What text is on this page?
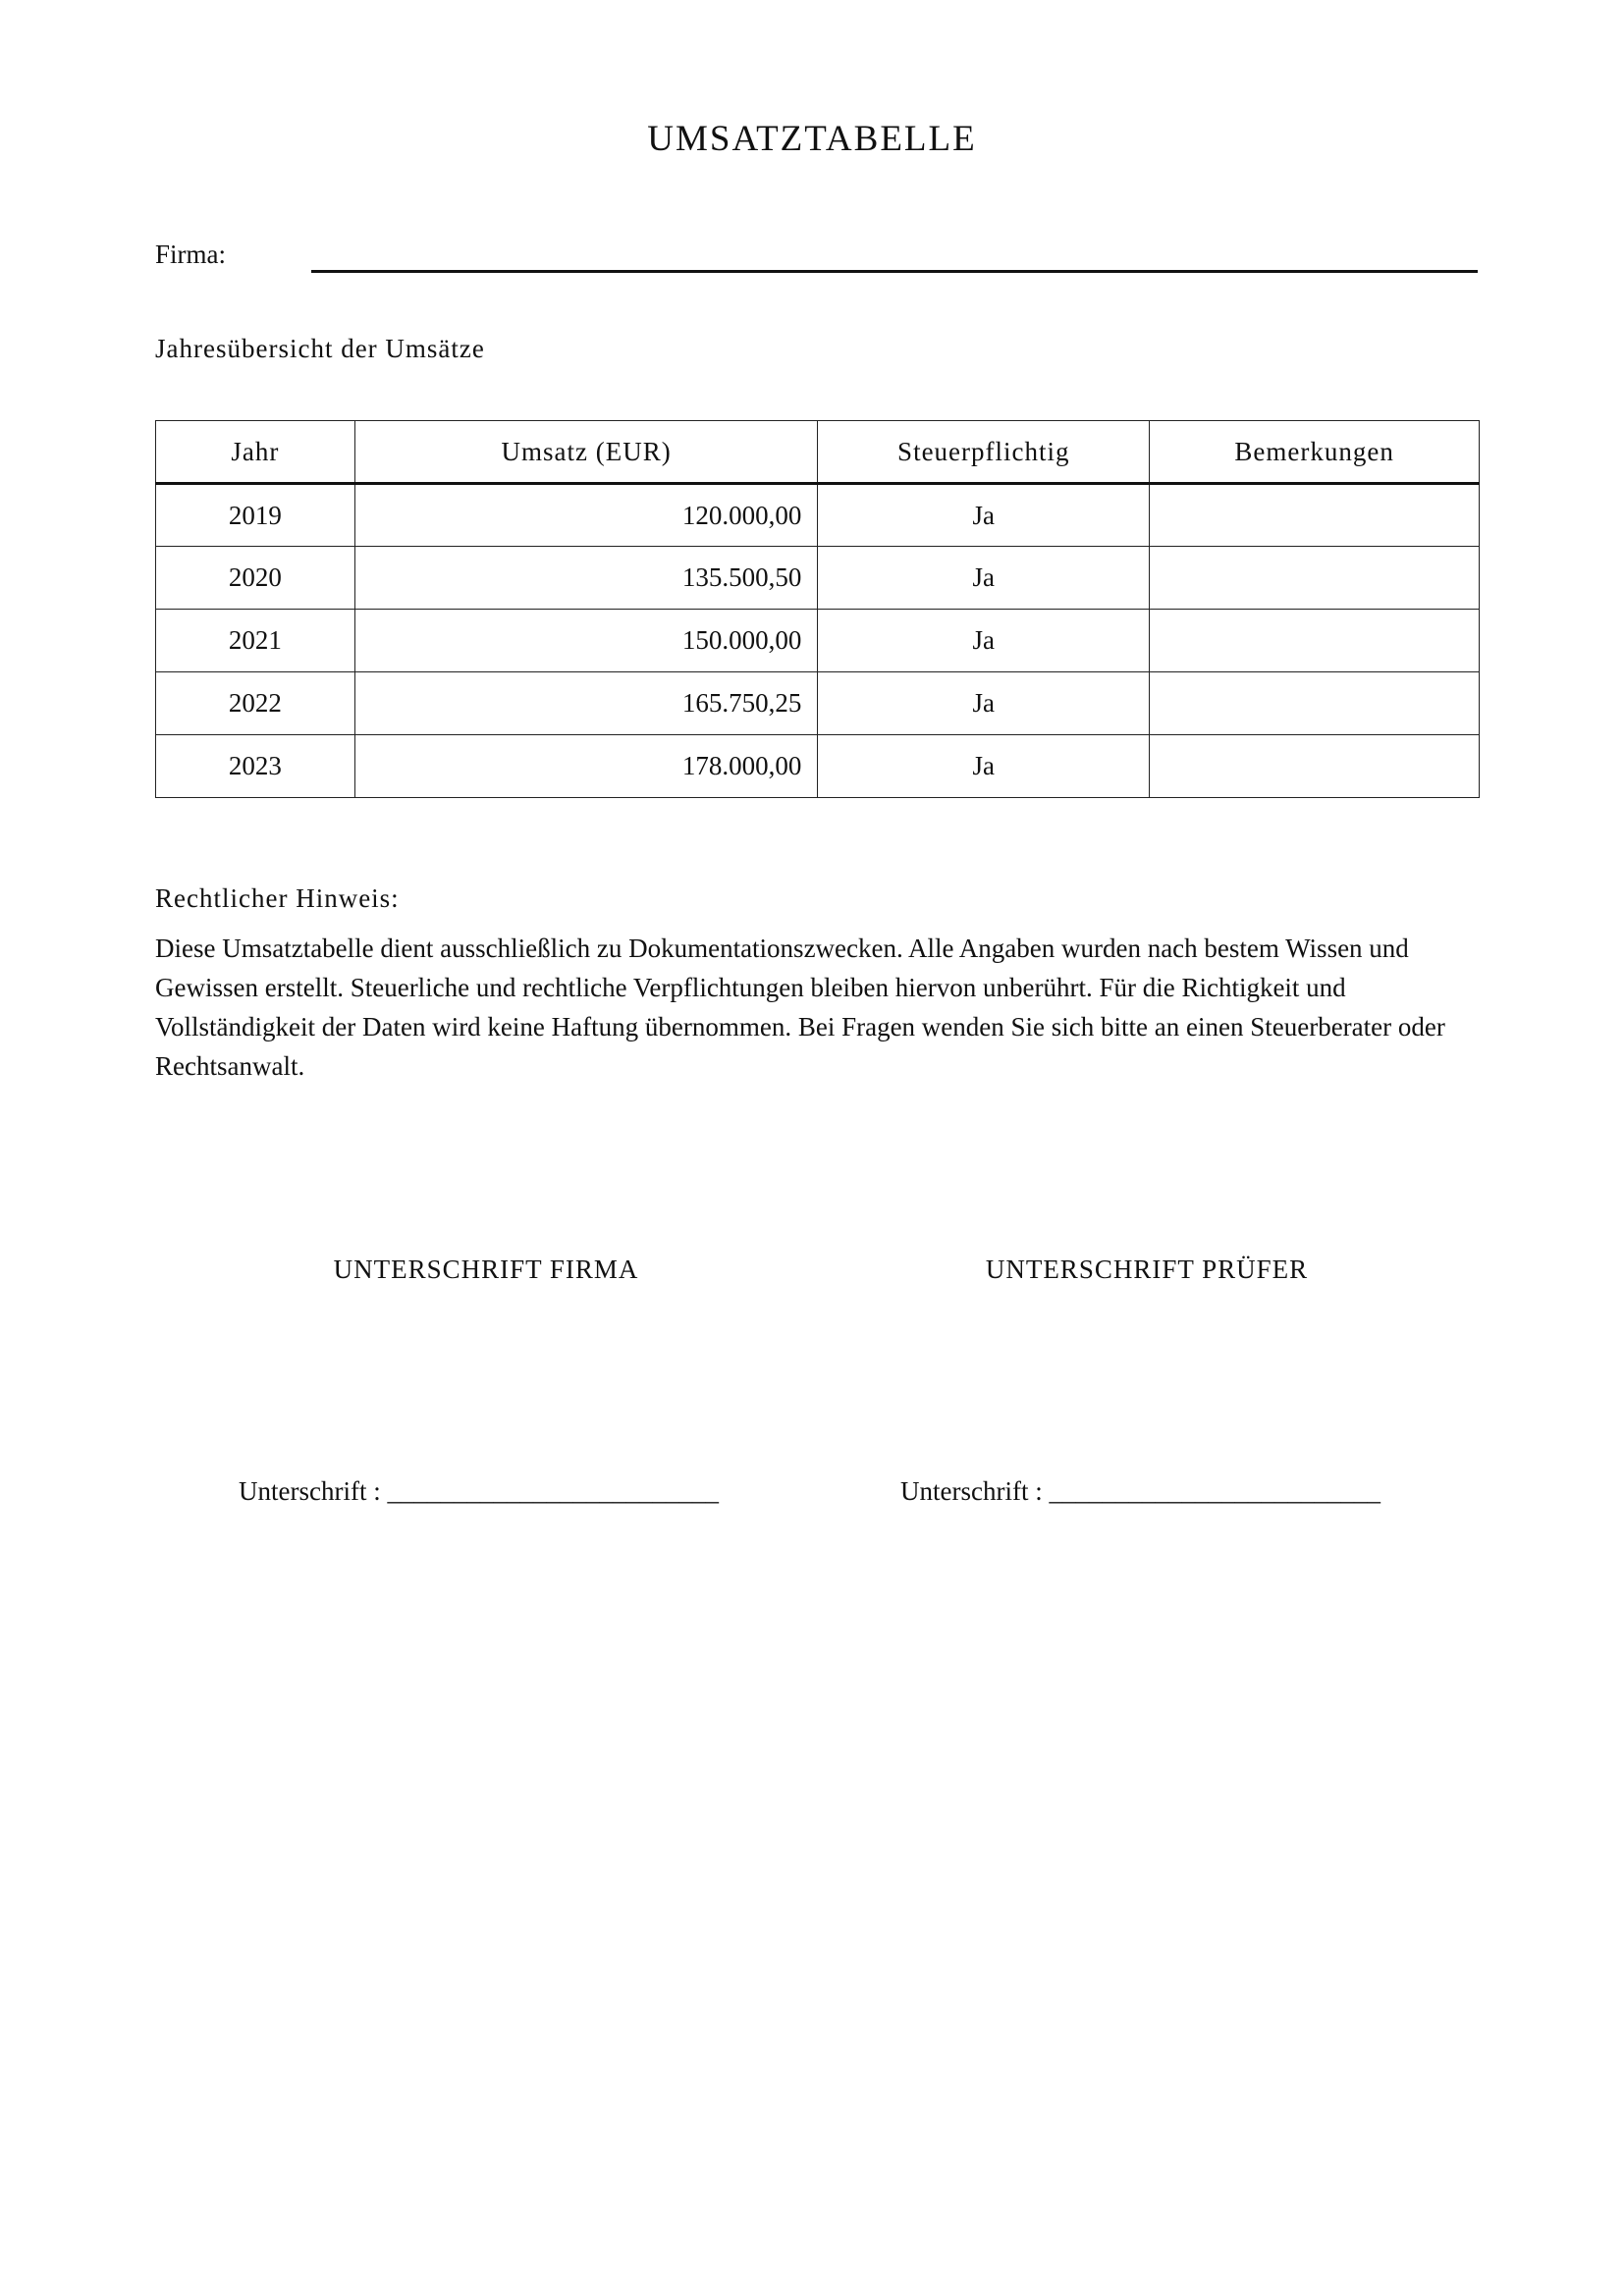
UMSATZTABELLE
Firma:
Jahresübersicht der Umsätze
Jahr	Umsatz (EUR)	Steuerpflichtig	Bemerkungen
2019	120.000,00	Ja	
2020	135.500,50	Ja	
2021	150.000,00	Ja	
2022	165.750,25	Ja	
2023	178.000,00	Ja	
Rechtlicher Hinweis:
Diese Umsatztabelle dient ausschließlich zu Dokumentationszwecken. Alle Angaben wurden nach bestem Wissen und Gewissen erstellt. Steuerliche und rechtliche Verpflichtungen bleiben hiervon unberührt. Für die Richtigkeit und Vollständigkeit der Daten wird keine Haftung übernommen. Bei Fragen wenden Sie sich bitte an einen Steuerberater oder Rechtsanwalt.
UNTERSCHRIFT FIRMA	UNTERSCHRIFT PRÜFER
Unterschrift : _________________________	Unterschrift : _________________________
